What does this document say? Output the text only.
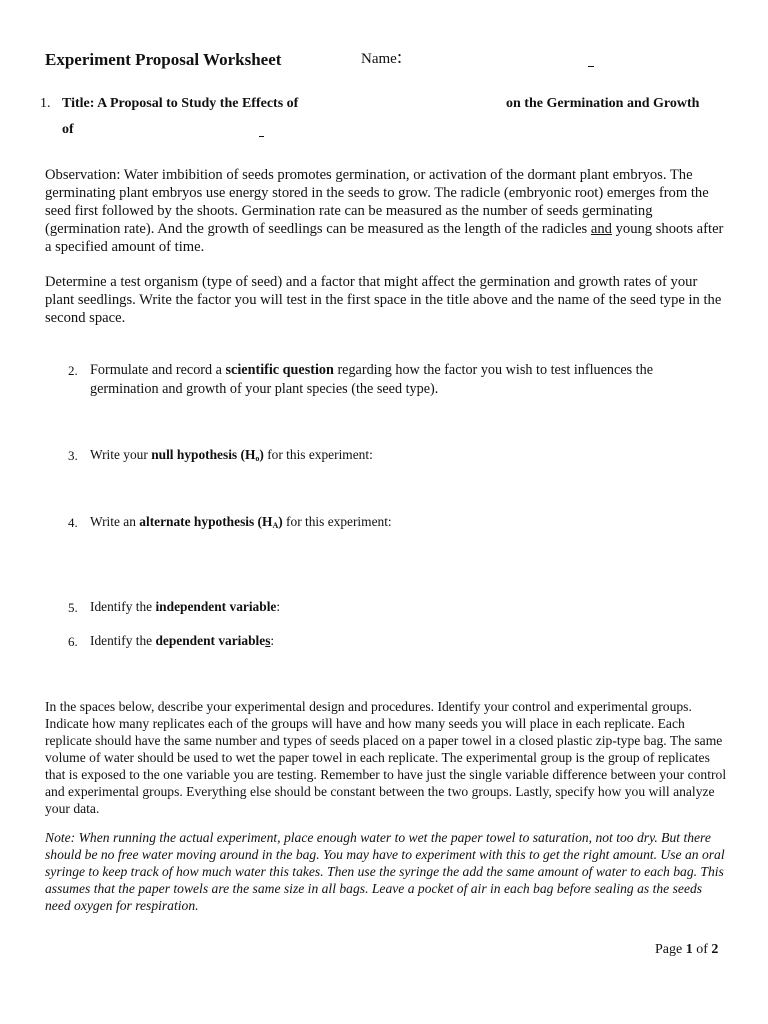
Experiment Proposal Worksheet	Name:
1. Title: A Proposal to Study the Effects of	on the Germination and Growth
of
Observation: Water imbibition of seeds promotes germination, or activation of the dormant plant embryos. The germinating plant embryos use energy stored in the seeds to grow. The radicle (embryonic root) emerges from the seed first followed by the shoots. Germination rate can be measured as the number of seeds germinating (germination rate). And the growth of seedlings can be measured as the length of the radicles and young shoots after a specified amount of time.
Determine a test organism (type of seed) and a factor that might affect the germination and growth rates of your plant seedlings. Write the factor you will test in the first space in the title above and the name of the seed type in the second space.
2. Formulate and record a scientific question regarding how the factor you wish to test influences the germination and growth of your plant species (the seed type).
3. Write your null hypothesis $(H_o)$ for this experiment:
4. Write an alternate hypothesis $(H_A)$ for this experiment:
5. Identify the independent variable:
6. Identify the dependent variables:
In the spaces below, describe your experimental design and procedures. Identify your control and experimental groups. Indicate how many replicates each of the groups will have and how many seeds you will place in each replicate. Each replicate should have the same number and types of seeds placed on a paper towel in a closed plastic zip-type bag. The same volume of water should be used to wet the paper towel in each replicate. The experimental group is the group of replicates that is exposed to the one variable you are testing. Remember to have just the single variable difference between your control and experimental groups. Everything else should be constant between the two groups. Lastly, specify how you will analyze your data.
Note: When running the actual experiment, place enough water to wet the paper towel to saturation, not too dry. But there should be no free water moving around in the bag. You may have to experiment with this to get the right amount. Use an oral syringe to keep track of how much water this takes. Then use the syringe the add the same amount of water to each bag. This assumes that the paper towels are the same size in all bags. Leave a pocket of air in each bag before sealing as the seeds need oxygen for respiration.
Page 1 of 2
